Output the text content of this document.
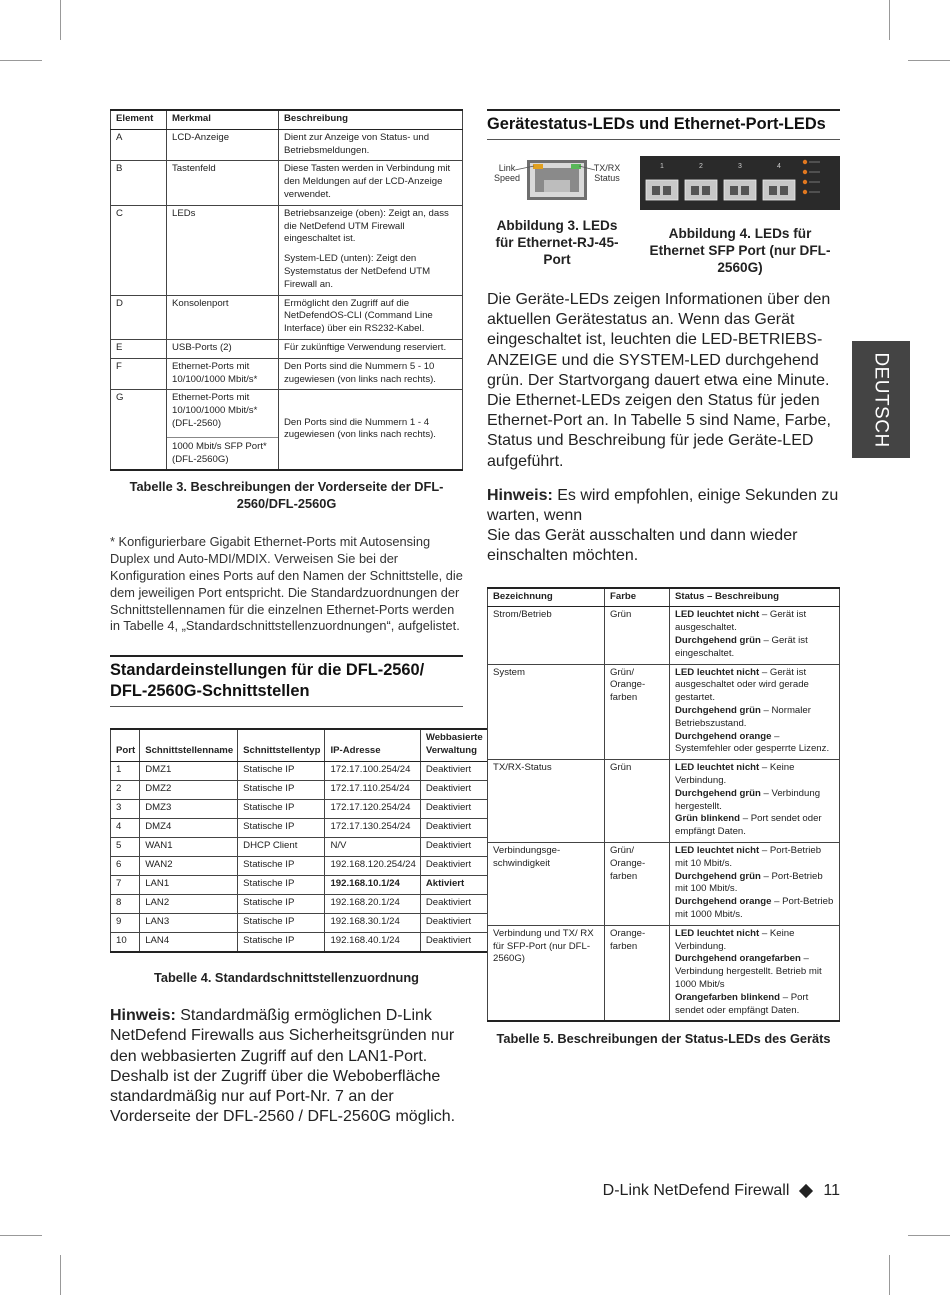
Element	Merkmal	Beschreibung
A	LCD-Anzeige	Dient zur Anzeige von Status- und Betriebsmeldungen.
B	Tastenfeld	Diese Tasten werden in Verbindung mit den Meldungen auf der LCD-Anzeige verwendet.
C	LEDs	Betriebsanzeige (oben): Zeigt an, dass die NetDefend UTM Firewall eingeschaltet ist.
System-LED (unten): Zeigt den Systemstatus der NetDefend UTM Firewall an.

D	Konsolenport	Ermöglicht den Zugriff auf die NetDefendOS-CLI (Command Line Interface) über ein RS232-Kabel.
E	USB-Ports (2)	Für zukünftige Verwendung reserviert.
F	Ethernet-Ports mit 10/100/1000 Mbit/s*	Den Ports sind die Nummern 5 - 10 zugewiesen (von links nach rechts).
G	Ethernet-Ports mit 10/100/1000 Mbit/s* (DFL-2560)
1000 Mbit/s SFP Port* (DFL-2560G)	Den Ports sind die Nummern 1 - 4 zugewiesen (von links nach rechts).
Tabelle 3. Beschreibungen der Vorderseite der DFL-2560/DFL-2560G
* Konfigurierbare Gigabit Ethernet-Ports mit Autosensing Duplex und Auto-MDI/MDIX. Verweisen Sie bei der Konfiguration eines Ports auf den Namen der Schnittstelle, die dem jeweiligen Port entspricht. Die Standardzuordnungen der Schnittstellennamen für die einzelnen Ethernet-Ports werden in Tabelle 4, „Standardschnittstellenzuordnungen“, aufgelistet.
Standardeinstellungen für die DFL-2560/ DFL-2560G-Schnittstellen
Port	Schnittstellenname	Schnittstellentyp	IP-Adresse	Webbasierte Verwaltung
1	DMZ1	Statische IP	172.17.100.254/24	Deaktiviert
2	DMZ2	Statische IP	172.17.110.254/24	Deaktiviert
3	DMZ3	Statische IP	172.17.120.254/24	Deaktiviert
4	DMZ4	Statische IP	172.17.130.254/24	Deaktiviert
5	WAN1	DHCP Client	N/V	Deaktiviert
6	WAN2	Statische IP	192.168.120.254/24	Deaktiviert
7	LAN1	Statische IP	192.168.10.1/24	Aktiviert
8	LAN2	Statische IP	192.168.20.1/24	Deaktiviert
9	LAN3	Statische IP	192.168.30.1/24	Deaktiviert
10	LAN4	Statische IP	192.168.40.1/24	Deaktiviert
Tabelle 4. Standardschnittstellenzuordnung
Hinweis: Standardmäßig ermöglichen D-Link NetDefend Firewalls aus Sicherheitsgründen nur den webbasierten Zugriff auf den LAN1-Port. Deshalb ist der Zugriff über die Weboberfläche standardmäßig nur auf Port-Nr. 7 an der Vorderseite der DFL-2560 / DFL-2560G möglich.
Gerätestatus-LEDs und Ethernet-Port-LEDs
Link
Speed
TX/RX
Status
Abbildung 3. LEDs für Ethernet-RJ-45-Port
1	2	3	4
Abbildung 4. LEDs für Ethernet SFP Port (nur DFL-2560G)
Die Geräte-LEDs zeigen Informationen über den aktuellen Gerätestatus an. Wenn das Gerät eingeschaltet ist, leuchten die LED-BETRIEBS-ANZEIGE und die SYSTEM-LED durchgehend grün. Der Startvorgang dauert etwa eine Minute. Die Ethernet-LEDs zeigen den Status für jeden Ethernet-Port an. In Tabelle 5 sind Name, Farbe, Status und Beschreibung für jede Geräte-LED aufgeführt.
Hinweis: Es wird empfohlen, einige Sekunden zu warten, wenn
Sie das Gerät ausschalten und dann wieder einschalten möchten.
Bezeichnung	Farbe	Status – Beschreibung
Strom/Betrieb	Grün	LED leuchtet nicht – Gerät ist ausgeschaltet.
Durchgehend grün – Gerät ist eingeschaltet.

System	Grün/ Orange- farben	LED leuchtet nicht – Gerät ist ausgeschaltet oder wird gerade gestartet.
Durchgehend grün – Normaler Betriebszustand.
Durchgehend orange – Systemfehler oder gesperrte Lizenz.

TX/RX-Status	Grün	LED leuchtet nicht – Keine Verbindung.
Durchgehend grün – Verbindung hergestellt.
Grün blinkend – Port sendet oder empfängt Daten.

Verbindungsge- schwindigkeit	Grün/ Orange- farben	LED leuchtet nicht – Port-Betrieb mit 10 Mbit/s.
Durchgehend grün – Port-Betrieb mit 100 Mbit/s.
Durchgehend orange – Port-Betrieb mit 1000 Mbit/s.

Verbindung und TX/ RX für SFP-Port (nur DFL-2560G)	Orange- farben	LED leuchtet nicht – Keine Verbindung.
Durchgehend orangefarben – Verbindung hergestellt. Betrieb mit 1000 Mbit/s
Orangefarben blinkend – Port sendet oder empfängt Daten.
Tabelle 5. Beschreibungen der Status-LEDs des Geräts
DEUTSCH
D-Link NetDefend Firewall 11
